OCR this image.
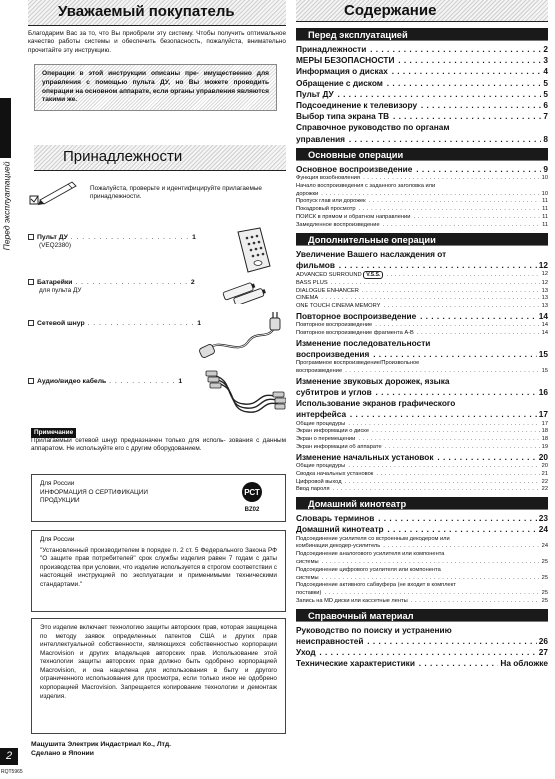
Перед эксплуатацией
2
RQT5965
Уважаемый покупатель
Благодарим Вас за то, что Вы приобрели эту систему. Чтобы получить оптимальное качество работы системы и обеспечить безопасность, пожалуйста, внимательно прочитайте эту инструкцию.
Операции в этой инструкции описаны пре- имущественно для управления с помощью пульта ДУ, но Вы можете проводить операции на основном аппарате, если органы управления являются такими же.
Принадлежности
Пожалуйста, проверьте и идентифицируйте прилагаемые принадлежности.
Пульт ДУ . . . . . . . . . . . . . . . . . . . . . 1
(VEQ2380)
Батарейки . . . . . . . . . . . . . . . . . . . . 2
для пульта ДУ
Сетевой шнур . . . . . . . . . . . . . . . . . . . 1
Аудио/видео кабель . . . . . . . . . . . . 1
Примечание
Прилагаемый сетевой шнур предназначен только для исполь- зования с данным аппаратом. Не используйте его с другим оборудованием.
Для России
ИНФОРМАЦИЯ О СЕРТИФИКАЦИИ
ПРОДУКЦИИ
РСТ
BZ02
Для России
"Установленный производителем в порядке п. 2 ст. 5 Федерального Закона РФ "О защите прав потребителей" срок службы изделия равен 7 годам с даты производства при условии, что изделие используется в строгом соответствии с настоящей инструкцией по эксплуатации и применимыми техническими стандартами."
Это изделие включает технологию защиты авторских прав, которая защищена по методу заявок определенных патентов США и других прав интеллектуальной собственности, являющихся собственностью корпорации Macrovision и других владельцев авторских прав. Использование этой технологии защиты авторских прав должно быть одобрено корпорацией Macrovision, и она нацелена для использования в быту и другого ограниченного использования для просмотра, если только иное не одобрено корпорацией Macrovision. Запрещается копирование технологии и демонтаж изделия.
Мацушита Электрик Индастриал Ко., Лтд.
Сделано в Японии
Содержание
Перед эксплуатацией
Принадлежности	2
. . .
МЕРЫ БЕЗОПАСНОСТИ	3
. . .
Информация о дисках	4
. . .
Обращение с диском	5
. . .
Пульт ДУ	5
. . .
Подсоединение к телевизору	6
. . .
Выбор типа экрана ТВ	7
. . .
Справочное руководство по органам
управления	8
. . .
Основные операции
Основное воспроизведение	9
. . .
Функция возобновления	10
. . .
Начало воспроизведения с заданного заголовка или
дорожки	10
. . .
Пропуск глав или дорожек	11
. . .
Покадровый просмотр	11
. . .
ПОИСК в прямом и обратном направлении	11
. . .
Замедленное воспроизведение	11
. . .
Дополнительные операции
Увеличение Вашего наслаждения от
фильмов	12
. . .
ADVANCED SURROUND V.S.S.	12
. . .
BASS PLUS	12
. . .
DIALOGUE ENHANCER	13
. . .
CINEMA	13
. . .
ONE TOUCH CINEMA MEMORY	13
. . .
Повторное воспроизведение	14
. . .
Повторное воспроизведение	14
. . .
Повторное воспроизведение фрагмента A-B	14
. . .
Изменение последовательности
воспроизведения	15
. . .
Программное воспроизведение/Произвольное
воспроизведение	15
. . .
Изменение звуковых дорожек, языка
субтитров и углов	16
. . .
Использование экранов графического
интерфейса	17
. . .
Общие процедуры	17
. . .
Экран информации о диске	18
. . .
Экран о перемещении	18
. . .
Экран информации об аппарате	19
. . .
Изменение начальных установок	20
. . .
Общие процедуры	20
. . .
Сводка начальных установок	21
. . .
Цифровой выход	22
. . .
Ввод пароля	22
. . .
Домашний кинотеатр
Словарь терминов	23
. . .
Домашний кинотеатр	24
. . .
Подсоединение усилителя со встроенным декодером или
комбинации декодер-усилитель	24
. . .
Подсоединение аналогового усилителя или компонента
системы	25
. . .
Подсоединение цифрового усилителя или компонента
системы	25
. . .
Подсоединение активного сабвуфера (не входит в комплект
поставки)	25
. . .
Запись на MD диски или кассетные ленты	25
. . .
Справочный материал
Руководство по поиску и устранению
неисправностей	26
. . .
Уход	27
. . .
Технические характеристики	На обложке
. . .
